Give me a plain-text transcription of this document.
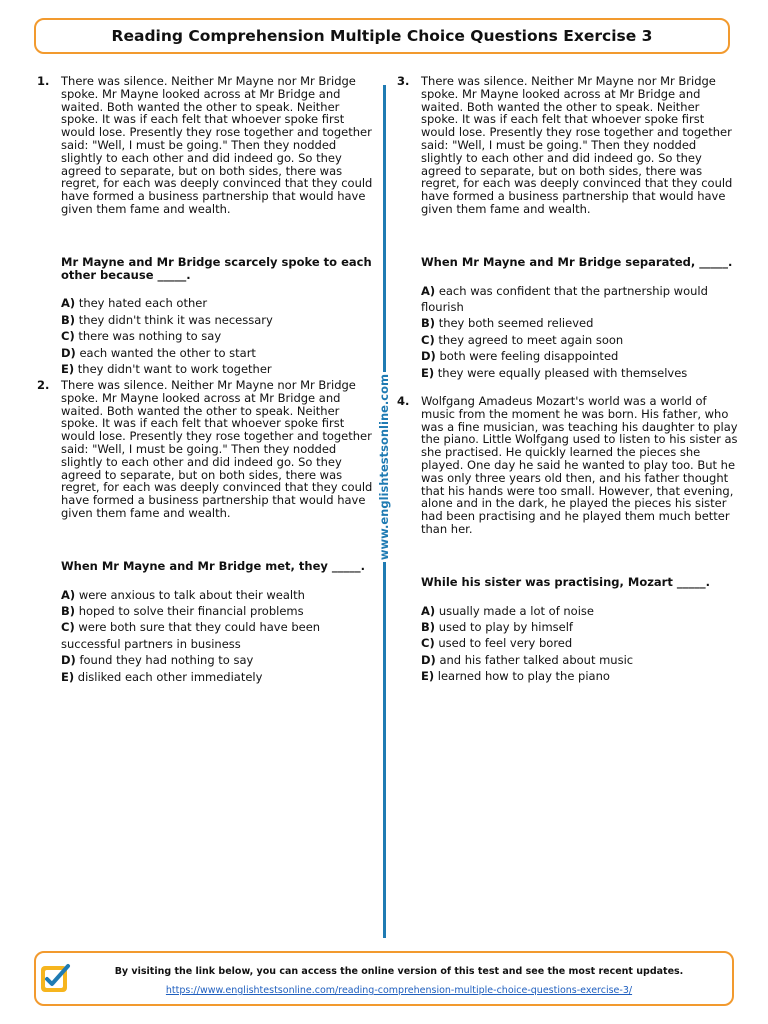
Reading Comprehension Multiple Choice Questions Exercise 3
www.englishtestsonline.com
1. There was silence. Neither Mr Mayne nor Mr Bridge spoke. Mr Mayne looked across at Mr Bridge and waited. Both wanted the other to speak. Neither spoke. It was if each felt that whoever spoke first would lose. Presently they rose together and together said: "Well, I must be going." Then they nodded slightly to each other and did indeed go. So they agreed to separate, but on both sides, there was regret, for each was deeply convinced that they could have formed a business partnership that would have given them fame and wealth.

Mr Mayne and Mr Bridge scarcely spoke to each other because _____.

A) they hated each other
B) they didn't think it was necessary
C) there was nothing to say
D) each wanted the other to start
E) they didn't want to work together
2. There was silence. Neither Mr Mayne nor Mr Bridge spoke. Mr Mayne looked across at Mr Bridge and waited. Both wanted the other to speak. Neither spoke. It was if each felt that whoever spoke first would lose. Presently they rose together and together said: "Well, I must be going." Then they nodded slightly to each other and did indeed go. So they agreed to separate, but on both sides, there was regret, for each was deeply convinced that they could have formed a business partnership that would have given them fame and wealth.

When Mr Mayne and Mr Bridge met, they _____.

A) were anxious to talk about their wealth
B) hoped to solve their financial problems
C) were both sure that they could have been successful partners in business
D) found they had nothing to say
E) disliked each other immediately
3. There was silence. Neither Mr Mayne nor Mr Bridge spoke. Mr Mayne looked across at Mr Bridge and waited. Both wanted the other to speak. Neither spoke. It was if each felt that whoever spoke first would lose. Presently they rose together and together said: "Well, I must be going." Then they nodded slightly to each other and did indeed go. So they agreed to separate, but on both sides, there was regret, for each was deeply convinced that they could have formed a business partnership that would have given them fame and wealth.

When Mr Mayne and Mr Bridge separated, _____.

A) each was confident that the partnership would flourish
B) they both seemed relieved
C) they agreed to meet again soon
D) both were feeling disappointed
E) they were equally pleased with themselves
4. Wolfgang Amadeus Mozart's world was a world of music from the moment he was born. His father, who was a fine musician, was teaching his daughter to play the piano. Little Wolfgang used to listen to his sister as she practised. He quickly learned the pieces she played. One day he said he wanted to play too. But he was only three years old then, and his father thought that his hands were too small. However, that evening, alone and in the dark, he played the pieces his sister had been practising and he played them much better than her.

While his sister was practising, Mozart _____.

A) usually made a lot of noise
B) used to play by himself
C) used to feel very bored
D) and his father talked about music
E) learned how to play the piano
By visiting the link below, you can access the online version of this test and see the most recent updates.
https://www.englishtestsonline.com/reading-comprehension-multiple-choice-questions-exercise-3/
